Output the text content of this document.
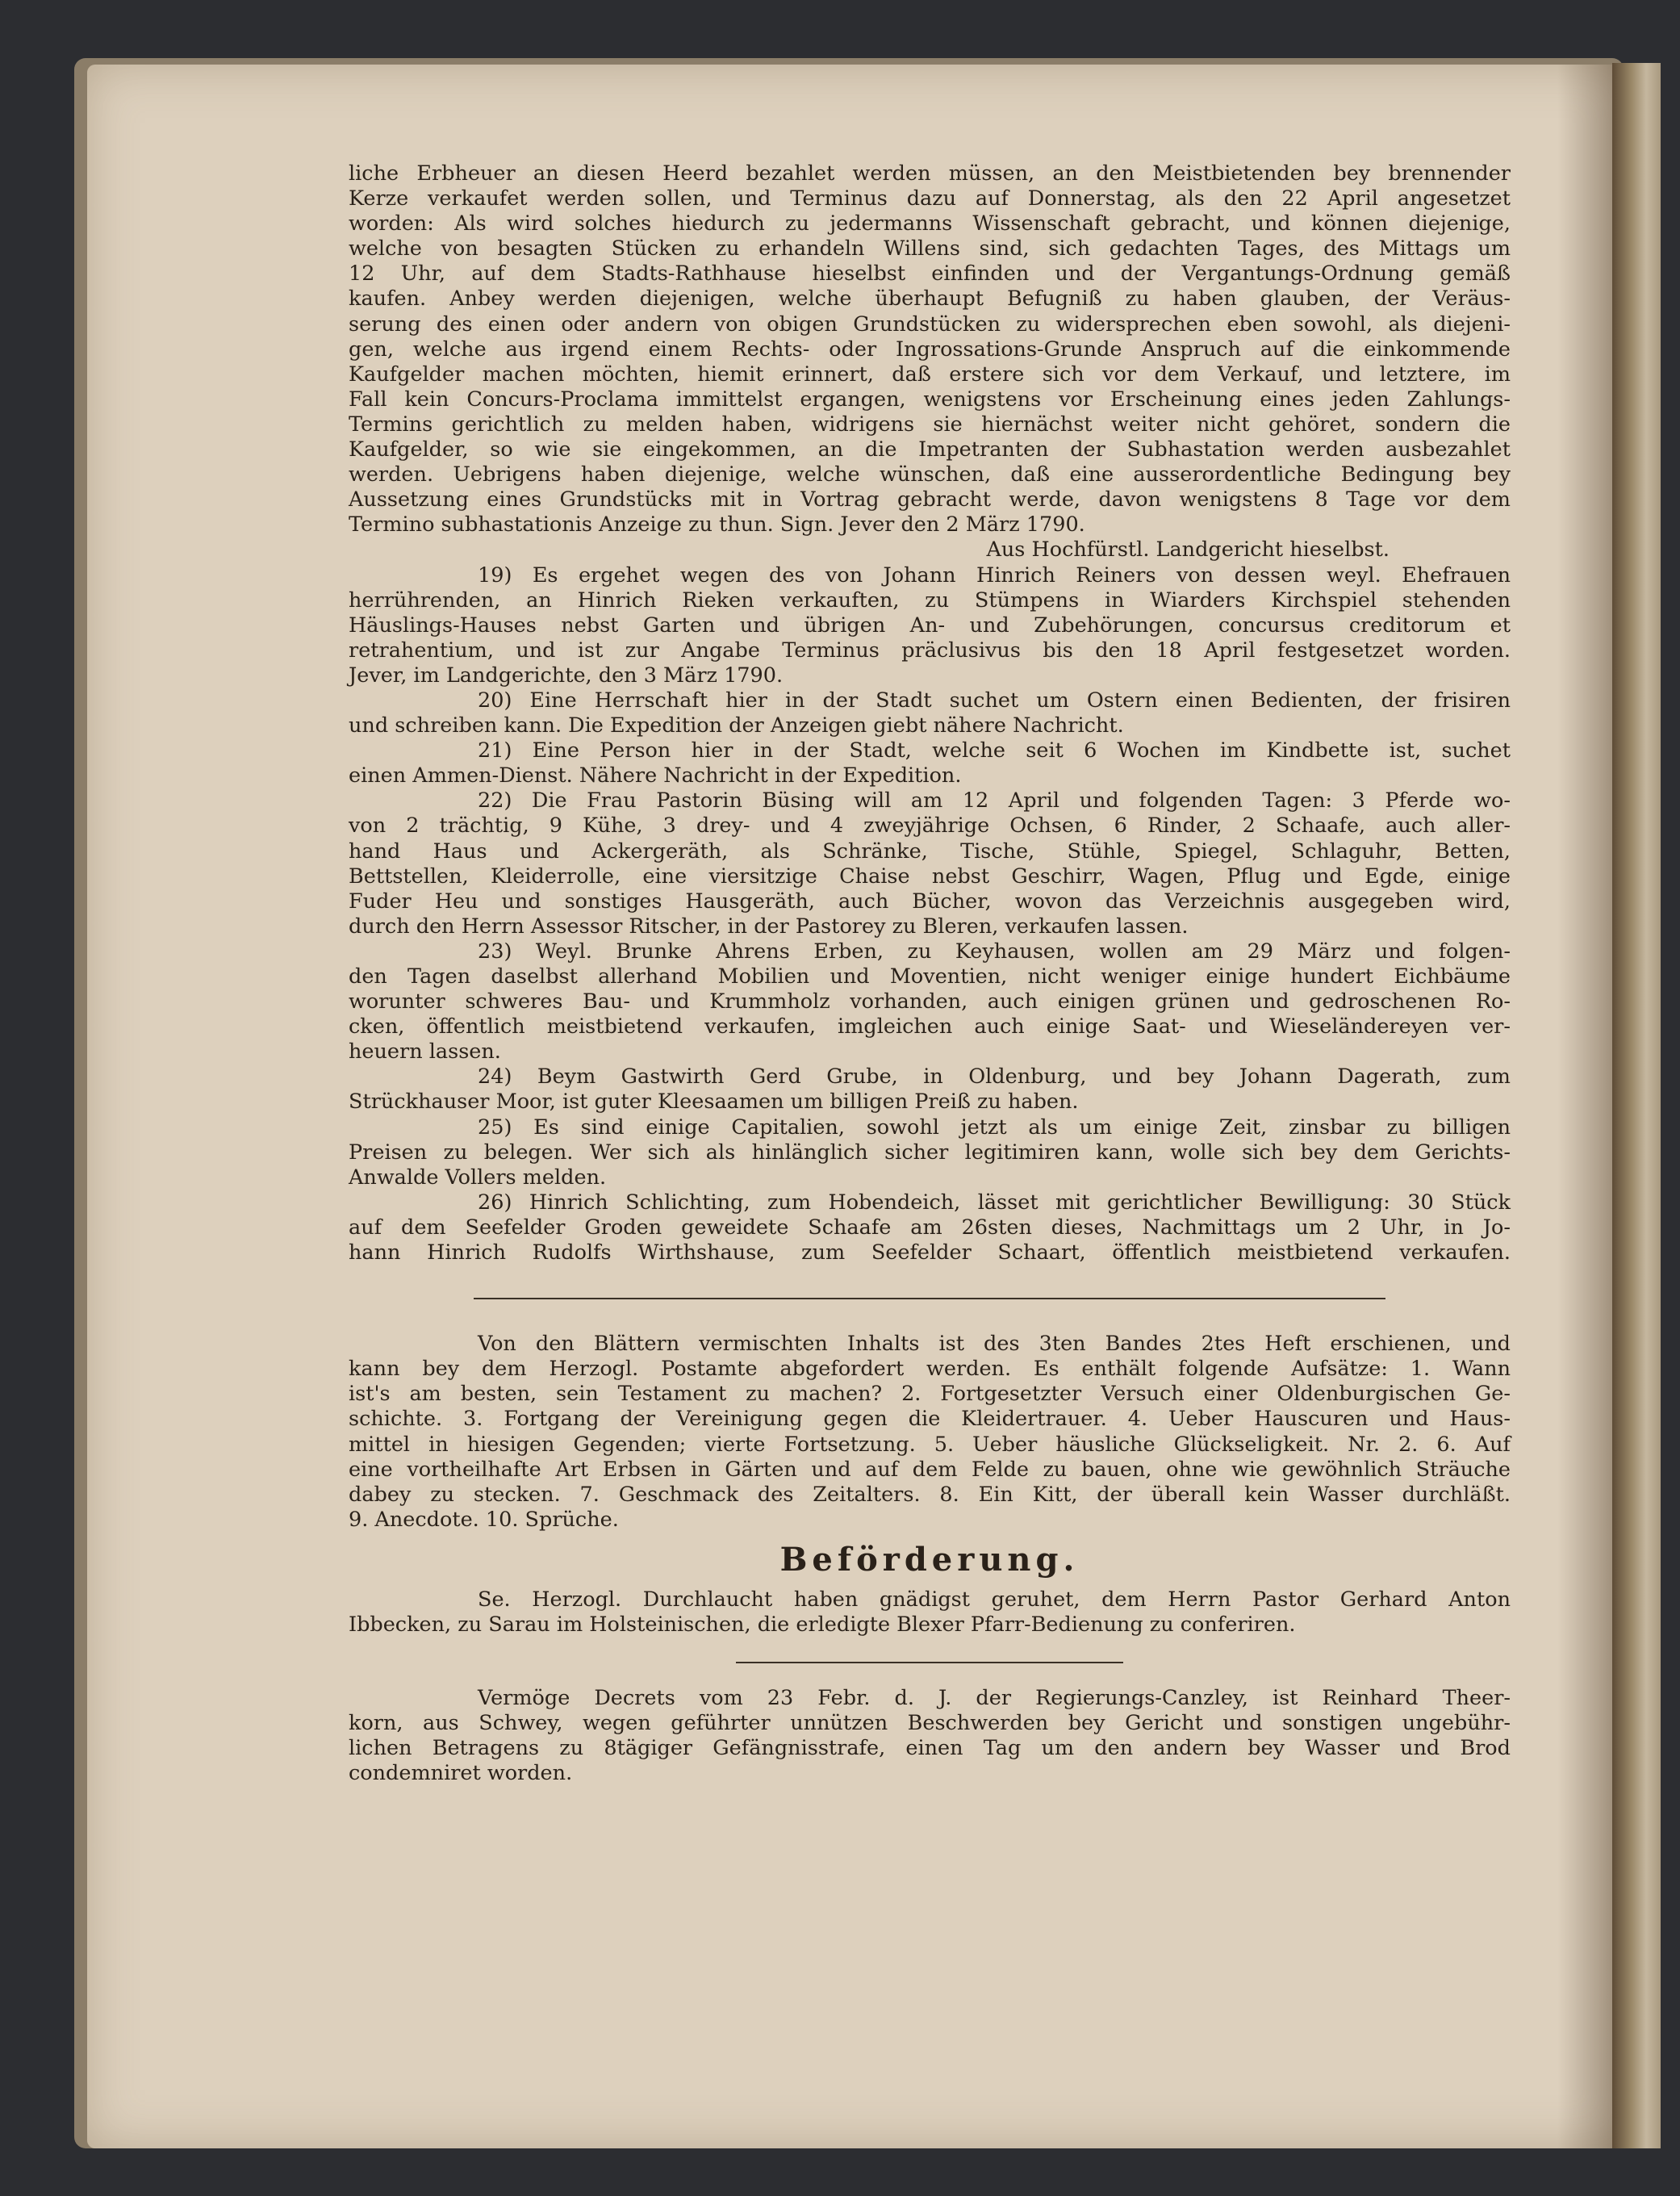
liche Erbheuer an diesen Heerd bezahlet werden müssen, an den Meistbietenden bey brennender
Kerze verkaufet werden sollen, und Terminus dazu auf Donnerstag, als den 22 April angesetzet
worden: Als wird solches hiedurch zu jedermanns Wissenschaft gebracht, und können diejenige,
welche von besagten Stücken zu erhandeln Willens sind, sich gedachten Tages, des Mittags um
12 Uhr, auf dem Stadts-Rathhause hieselbst einfinden und der Vergantungs-Ordnung gemäß
kaufen. Anbey werden diejenigen, welche überhaupt Befugniß zu haben glauben, der Veräus-
serung des einen oder andern von obigen Grundstücken zu widersprechen eben sowohl, als diejeni-
gen, welche aus irgend einem Rechts- oder Ingrossations-Grunde Anspruch auf die einkommende
Kaufgelder machen möchten, hiemit erinnert, daß erstere sich vor dem Verkauf, und letztere, im
Fall kein Concurs-Proclama immittelst ergangen, wenigstens vor Erscheinung eines jeden Zahlungs-
Termins gerichtlich zu melden haben, widrigens sie hiernächst weiter nicht gehöret, sondern die
Kaufgelder, so wie sie eingekommen, an die Impetranten der Subhastation werden ausbezahlet
werden. Uebrigens haben diejenige, welche wünschen, daß eine ausserordentliche Bedingung bey
Aussetzung eines Grundstücks mit in Vortrag gebracht werde, davon wenigstens 8 Tage vor dem
Termino subhastationis Anzeige zu thun. Sign. Jever den 2 März 1790.
Aus Hochfürstl. Landgericht hieselbst.
19) Es ergehet wegen des von Johann Hinrich Reiners von dessen weyl. Ehefrauen
herrührenden, an Hinrich Rieken verkauften, zu Stümpens in Wiarders Kirchspiel stehenden
Häuslings-Hauses nebst Garten und übrigen An- und Zubehörungen, concursus creditorum et
retrahentium, und ist zur Angabe Terminus präclusivus bis den 18 April festgesetzet worden.
Jever, im Landgerichte, den 3 März 1790.
20) Eine Herrschaft hier in der Stadt suchet um Ostern einen Bedienten, der frisiren
und schreiben kann. Die Expedition der Anzeigen giebt nähere Nachricht.
21) Eine Person hier in der Stadt, welche seit 6 Wochen im Kindbette ist, suchet
einen Ammen-Dienst. Nähere Nachricht in der Expedition.
22) Die Frau Pastorin Büsing will am 12 April und folgenden Tagen: 3 Pferde wo-
von 2 trächtig, 9 Kühe, 3 drey- und 4 zweyjährige Ochsen, 6 Rinder, 2 Schaafe, auch aller-
hand Haus und Ackergeräth, als Schränke, Tische, Stühle, Spiegel, Schlaguhr, Betten,
Bettstellen, Kleiderrolle, eine viersitzige Chaise nebst Geschirr, Wagen, Pflug und Egde, einige
Fuder Heu und sonstiges Hausgeräth, auch Bücher, wovon das Verzeichnis ausgegeben wird,
durch den Herrn Assessor Ritscher, in der Pastorey zu Bleren, verkaufen lassen.
23) Weyl. Brunke Ahrens Erben, zu Keyhausen, wollen am 29 März und folgen-
den Tagen daselbst allerhand Mobilien und Moventien, nicht weniger einige hundert Eichbäume
worunter schweres Bau- und Krummholz vorhanden, auch einigen grünen und gedroschenen Ro-
cken, öffentlich meistbietend verkaufen, imgleichen auch einige Saat- und Wieseländereyen ver-
heuern lassen.
24) Beym Gastwirth Gerd Grube, in Oldenburg, und bey Johann Dagerath, zum
Strückhauser Moor, ist guter Kleesaamen um billigen Preiß zu haben.
25) Es sind einige Capitalien, sowohl jetzt als um einige Zeit, zinsbar zu billigen
Preisen zu belegen. Wer sich als hinlänglich sicher legitimiren kann, wolle sich bey dem Gerichts-
Anwalde Vollers melden.
26) Hinrich Schlichting, zum Hobendeich, lässet mit gerichtlicher Bewilligung: 30 Stück
auf dem Seefelder Groden geweidete Schaafe am 26sten dieses, Nachmittags um 2 Uhr, in Jo-
hann Hinrich Rudolfs Wirthshause, zum Seefelder Schaart, öffentlich meistbietend verkaufen.
Von den Blättern vermischten Inhalts ist des 3ten Bandes 2tes Heft erschienen, und
kann bey dem Herzogl. Postamte abgefordert werden. Es enthält folgende Aufsätze: 1. Wann
ist's am besten, sein Testament zu machen? 2. Fortgesetzter Versuch einer Oldenburgischen Ge-
schichte. 3. Fortgang der Vereinigung gegen die Kleidertrauer. 4. Ueber Hauscuren und Haus-
mittel in hiesigen Gegenden; vierte Fortsetzung. 5. Ueber häusliche Glückseligkeit. Nr. 2. 6. Auf
eine vortheilhafte Art Erbsen in Gärten und auf dem Felde zu bauen, ohne wie gewöhnlich Sträuche
dabey zu stecken. 7. Geschmack des Zeitalters. 8. Ein Kitt, der überall kein Wasser durchläßt.
9. Anecdote. 10. Sprüche.
Beförderung.
Se. Herzogl. Durchlaucht haben gnädigst geruhet, dem Herrn Pastor Gerhard Anton
Ibbecken, zu Sarau im Holsteinischen, die erledigte Blexer Pfarr-Bedienung zu conferiren.
Vermöge Decrets vom 23 Febr. d. J. der Regierungs-Canzley, ist Reinhard Theer-
korn, aus Schwey, wegen geführter unnützen Beschwerden bey Gericht und sonstigen ungebühr-
lichen Betragens zu 8tägiger Gefängnisstrafe, einen Tag um den andern bey Wasser und Brod
condemniret worden.
